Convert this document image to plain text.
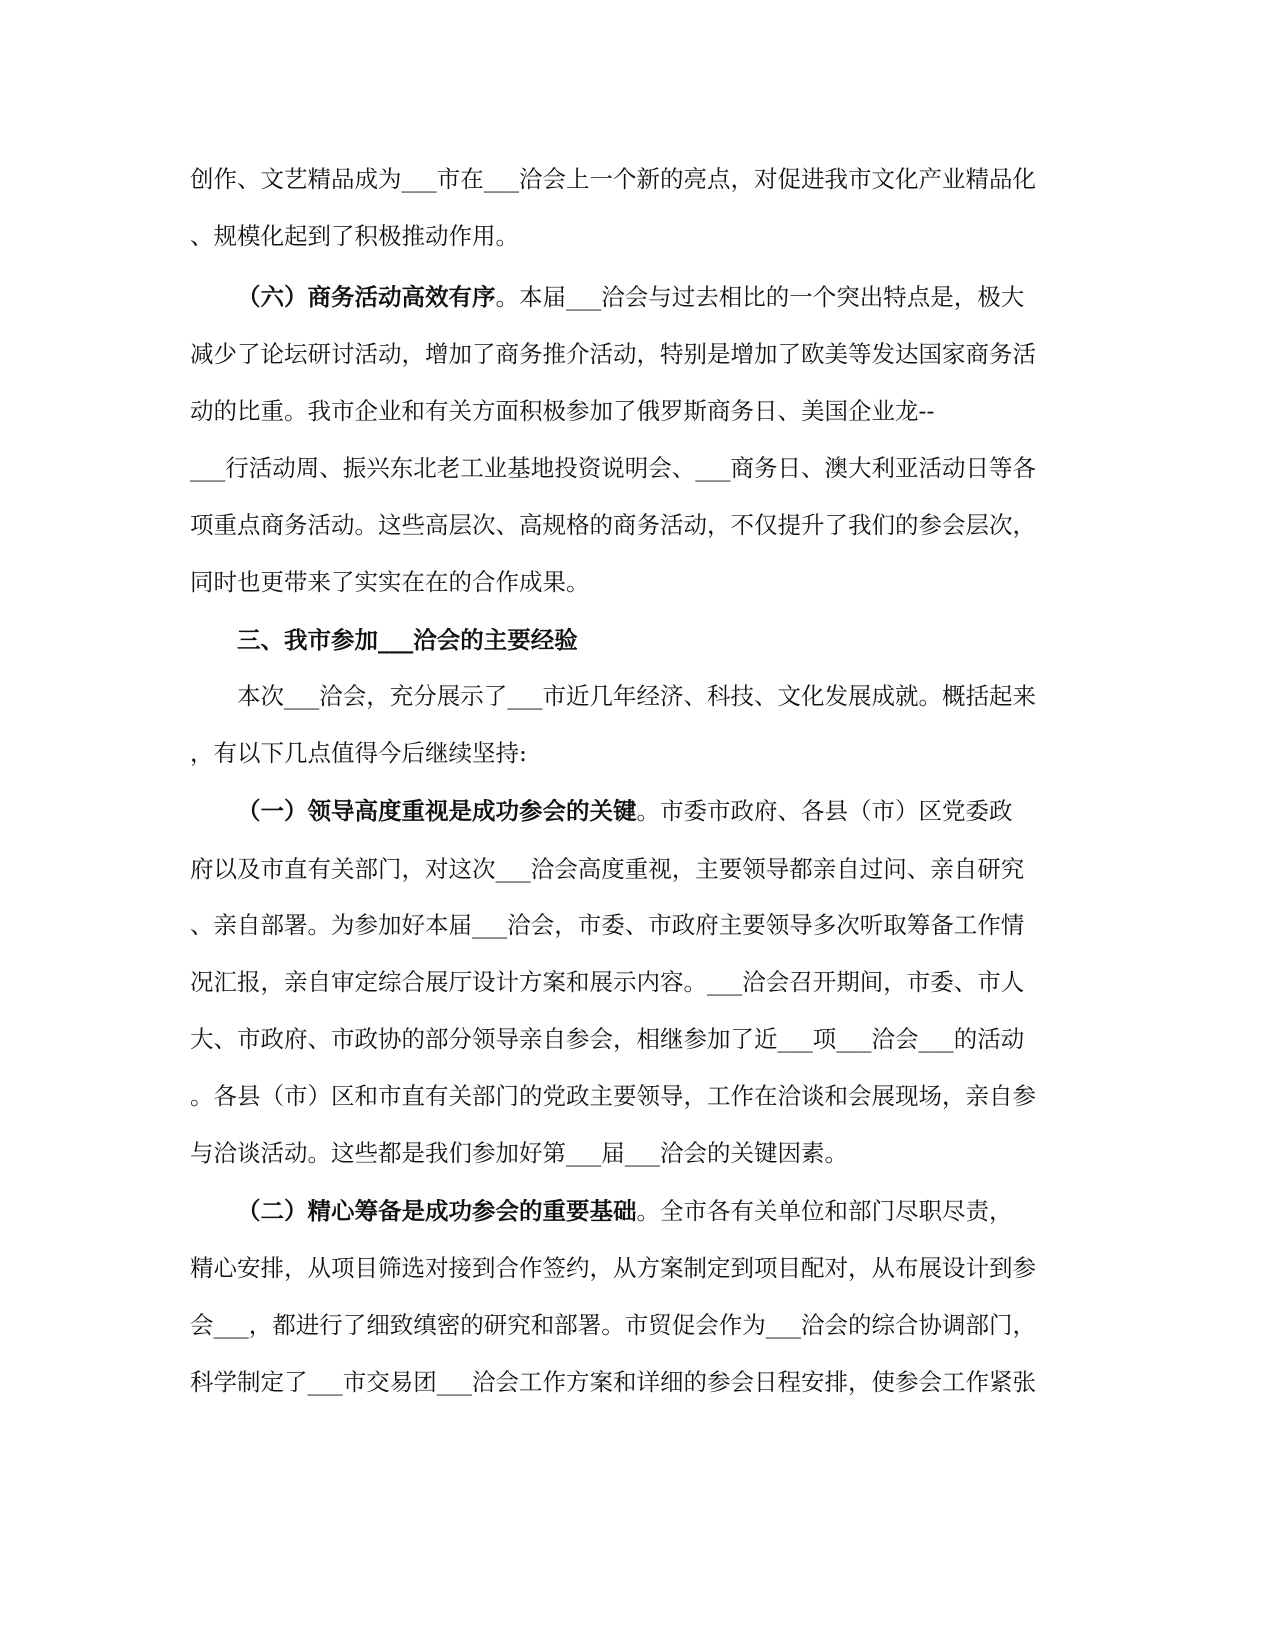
创作、文艺精品成为___市在___洽会上一个新的亮点，对促进我市文化产业精品化
、规模化起到了积极推动作用。
（六）商务活动高效有序。本届___洽会与过去相比的一个突出特点是，极大
减少了论坛研讨活动，增加了商务推介活动，特别是增加了欧美等发达国家商务活
动的比重。我市企业和有关方面积极参加了俄罗斯商务日、美国企业龙--
___行活动周、振兴东北老工业基地投资说明会、___商务日、澳大利亚活动日等各
项重点商务活动。这些高层次、高规格的商务活动，不仅提升了我们的参会层次，
同时也更带来了实实在在的合作成果。
三、我市参加___洽会的主要经验
本次___洽会，充分展示了___市近几年经济、科技、文化发展成就。概括起来
，有以下几点值得今后继续坚持:
（一）领导高度重视是成功参会的关键。市委市政府、各县（市）区党委政
府以及市直有关部门，对这次___洽会高度重视，主要领导都亲自过问、亲自研究
、亲自部署。为参加好本届___洽会，市委、市政府主要领导多次听取筹备工作情
况汇报，亲自审定综合展厅设计方案和展示内容。___洽会召开期间，市委、市人
大、市政府、市政协的部分领导亲自参会，相继参加了近___项___洽会___的活动
。各县（市）区和市直有关部门的党政主要领导，工作在洽谈和会展现场，亲自参
与洽谈活动。这些都是我们参加好第___届___洽会的关键因素。
（二）精心筹备是成功参会的重要基础。全市各有关单位和部门尽职尽责，
精心安排，从项目筛选对接到合作签约，从方案制定到项目配对，从布展设计到参
会___，都进行了细致缜密的研究和部署。市贸促会作为___洽会的综合协调部门，
科学制定了___市交易团___洽会工作方案和详细的参会日程安排，使参会工作紧张
